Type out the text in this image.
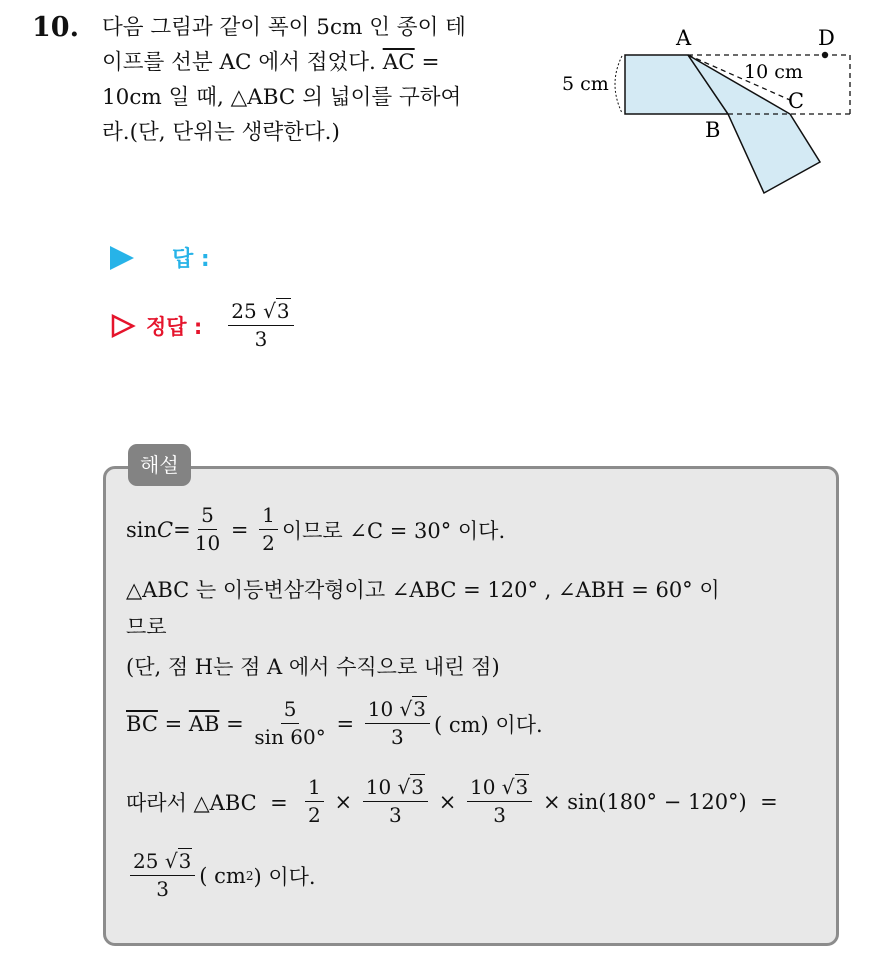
10. 다음 그림과 같이 폭이 5cm 인 종이 테
이프를 선분 AC 에서 접었다. $\overline{AC}$ =
10cm 일 때, △ABC 의 넓이를 구하여
라.(단, 단위는 생략한다.)
A	D
C
B
5 cm
10 cm
답 :
정답 : $\frac{25 √3}{3}$
해설
$\sin C = \frac{5}{10} = \frac{1}{2}$ 이므로 ∠C = 30° 이다.
△ABC 는 이등변삼각형이고 ∠ABC = 120° , ∠ABH = 60° 이
므로
(단, 점 H는 점 A 에서 수직으로 내린 점)
$\overline{BC} = \overline{AB} = \frac{5}{\sin 60^\circ} = \frac{10 √3}{3}$ ( cm) 이다.
따라서 △ABC  = $\frac{1}{2} \times \frac{10 √3}{3} \times \frac{10 √3}{3} \times \sin(180^\circ - 120^\circ)$  =
$\frac{25 √3}{3}$ ( cm 2 ) 이다.
